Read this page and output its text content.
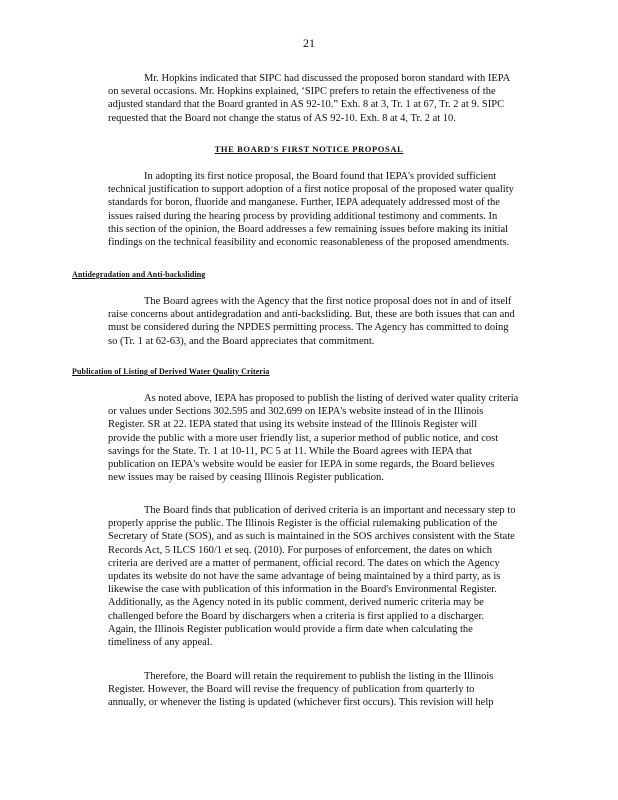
21
Mr. Hopkins indicated that SIPC had discussed the proposed boron standard with IEPA
on several occasions. Mr. Hopkins explained, ‘SIPC prefers to retain the effectiveness of the
adjusted standard that the Board granted in AS 92-10.” Exh. 8 at 3, Tr. 1 at 67, Tr. 2 at 9. SIPC
requested that the Board not change the status of AS 92-10. Exh. 8 at 4, Tr. 2 at 10.
THE BOARD'S FIRST NOTICE PROPOSAL
In adopting its first notice proposal, the Board found that IEPA's provided sufficient
technical justification to support adoption of a first notice proposal of the proposed water quality
standards for boron, fluoride and manganese. Further, IEPA adequately addressed most of the
issues raised during the hearing process by providing additional testimony and comments. In
this section of the opinion, the Board addresses a few remaining issues before making its initial
findings on the technical feasibility and economic reasonableness of the proposed amendments.
Antidegradation and Anti-backsliding
The Board agrees with the Agency that the first notice proposal does not in and of itself
raise concerns about antidegradation and anti-backsliding. But, these are both issues that can and
must be considered during the NPDES permitting process. The Agency has committed to doing
so (Tr. 1 at 62-63), and the Board appreciates that commitment.
Publication of Listing of Derived Water Quality Criteria
As noted above, IEPA has proposed to publish the listing of derived water quality criteria
or values under Sections 302.595 and 302.699 on IEPA's website instead of in the Illinois
Register. SR at 22. IEPA stated that using its website instead of the Illinois Register will
provide the public with a more user friendly list, a superior method of public notice, and cost
savings for the State. Tr. 1 at 10-11, PC 5 at 11. While the Board agrees with IEPA that
publication on IEPA's website would be easier for IEPA in some regards, the Board believes
new issues may be raised by ceasing Illinois Register publication.
The Board finds that publication of derived criteria is an important and necessary step to
properly apprise the public. The Illinois Register is the official rulemaking publication of the
Secretary of State (SOS), and as such is maintained in the SOS archives consistent with the State
Records Act, 5 ILCS 160/1 et seq. (2010). For purposes of enforcement, the dates on which
criteria are derived are a matter of permanent, official record. The dates on which the Agency
updates its website do not have the same advantage of being maintained by a third party, as is
likewise the case with publication of this information in the Board's Environmental Register.
Additionally, as the Agency noted in its public comment, derived numeric criteria may be
challenged before the Board by dischargers when a criteria is first applied to a discharger.
Again, the Illinois Register publication would provide a firm date when calculating the
timeliness of any appeal.
Therefore, the Board will retain the requirement to publish the listing in the Illinois
Register. However, the Board will revise the frequency of publication from quarterly to
annually, or whenever the listing is updated (whichever first occurs). This revision will help
